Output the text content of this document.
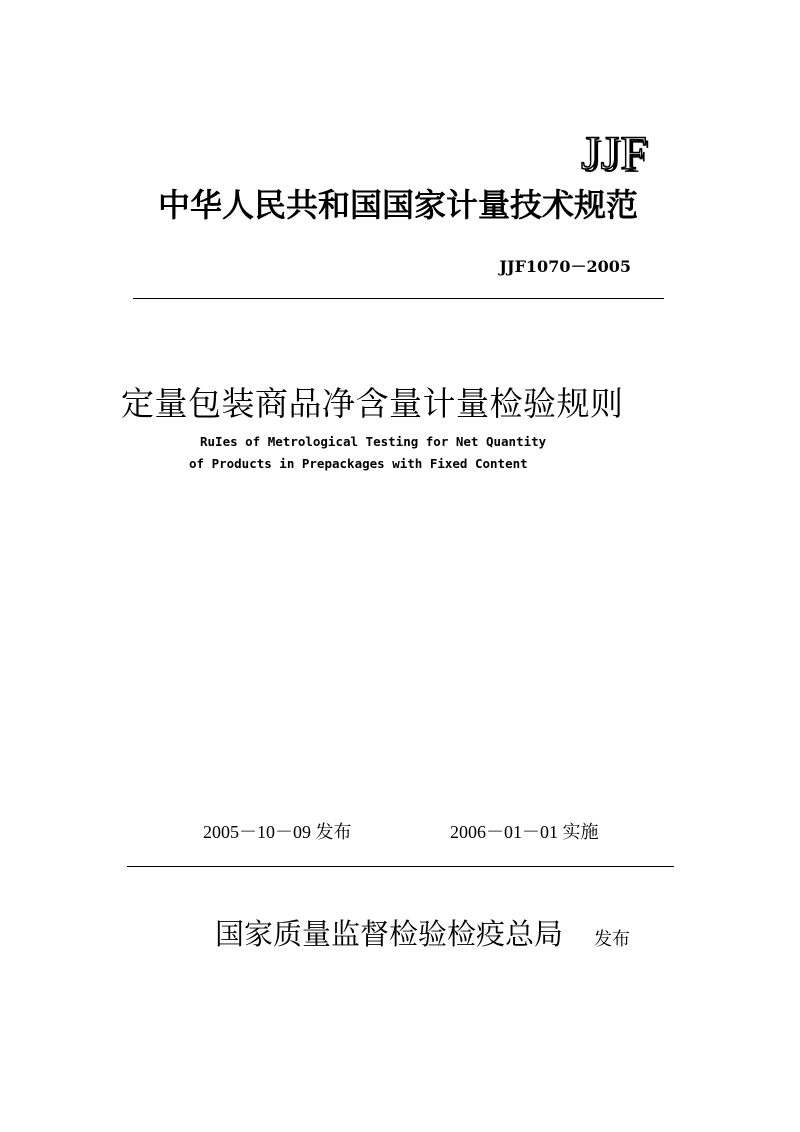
JJF
中华人民共和国国家计量技术规范
JJF1070－2005
定量包装商品净含量计量检验规则
RuIes of Metrological Testing for Net Quantity
of Products in Prepackages with Fixed Content
2005－10－09 发布	2006－01－01 实施
国家质量监督检验检疫总局 发布
